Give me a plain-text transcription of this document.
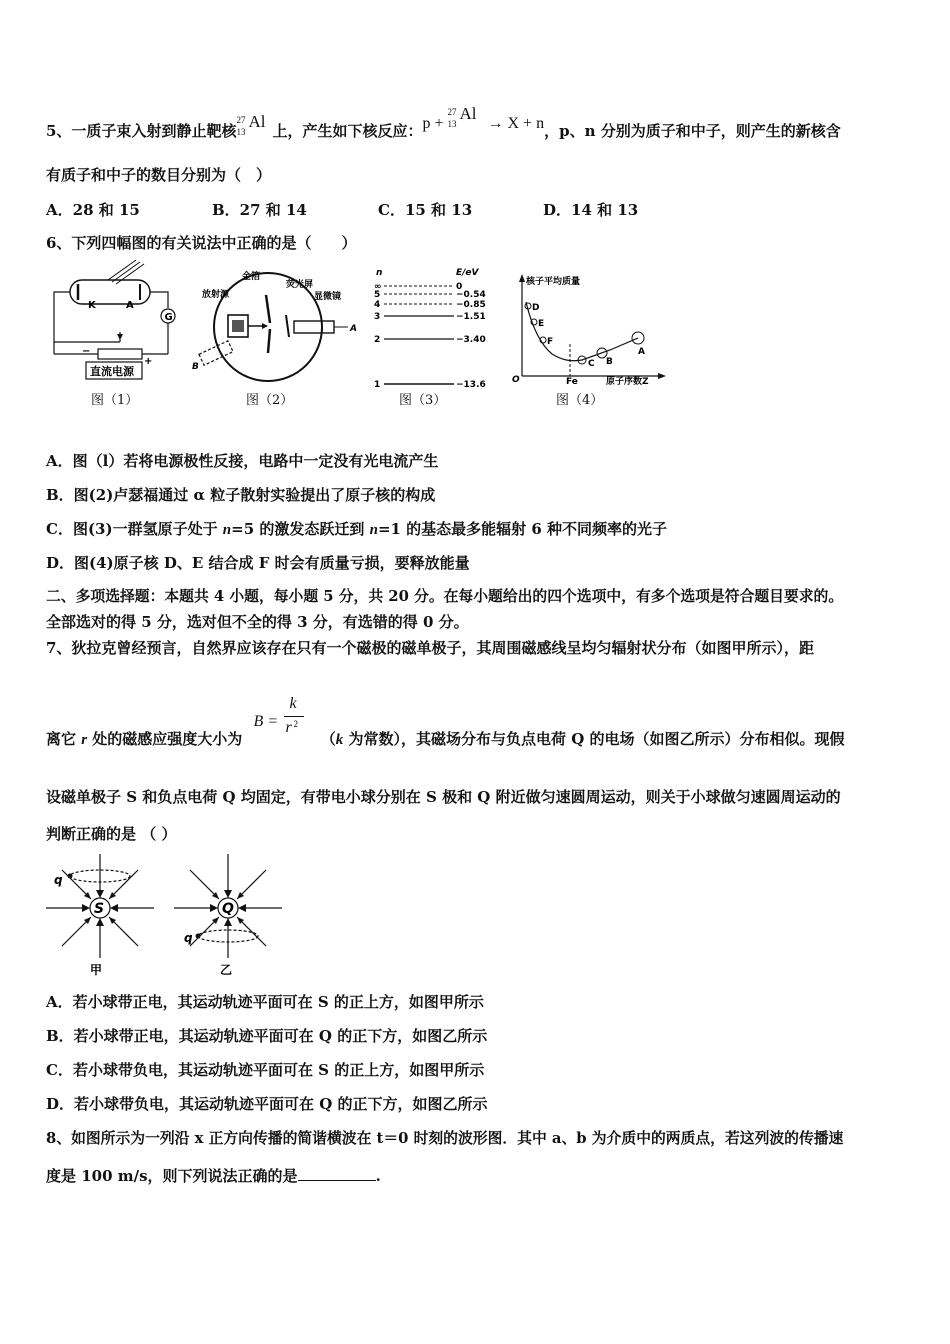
5、一质子束入射到静止靶核
27
13
Al 上，产生如下核反应：p +
27
13
Al
→ X + n，p、n 分别为质子和中子，则产生的新核含
有质子和中子的数目分别为（　）
A．28 和 15	B．27 和 14	C．15 和 13	D．14 和 13
6、下列四幅图的有关说法中正确的是（　　）
K	A
G
−
+
直流电源
图（1）
金箔
放射源
荧光屏
显微镜
A
B
图（2）
n	E/eV
∞	0
5	−0.54
4	−0.85
3	−1.51
2	−3.40
1	−13.6
图（3）
核子平均质量
原子序数Z
O	Fe
D
E
F
C B
A
图（4）
A．图（l）若将电源极性反接，电路中一定没有光电流产生
B．图(2)卢瑟福通过 α 粒子散射实验提出了原子核的构成
C．图(3)一群氢原子处于 n=5 的激发态跃迁到 n=1 的基态最多能辐射 6 种不同频率的光子
D．图(4)原子核 D、E 结合成 F 时会有质量亏损，要释放能量
二、多项选择题：本题共 4 小题，每小题 5 分，共 20 分。在每小题给出的四个选项中，有多个选项是符合题目要求的。
全部选对的得 5 分，选对但不全的得 3 分，有选错的得 0 分。
7、狄拉克曾经预言，自然界应该存在只有一个磁极的磁单极子，其周围磁感线呈均匀辐射状分布（如图甲所示），距
离它 r 处的磁感应强度大小为
B =
k
r 2
（k 为常数），其磁场分布与负点电荷 Q 的电场（如图乙所示）分布相似。现假
设磁单极子 S 和负点电荷 Q 均固定，有带电小球分别在 S 极和 Q 附近做匀速圆周运动，则关于小球做匀速圆周运动的
判断正确的是 （ ）
S
q
甲
Q
q
乙
A．若小球带正电，其运动轨迹平面可在 S 的正上方，如图甲所示
B．若小球带正电，其运动轨迹平面可在 Q 的正下方，如图乙所示
C．若小球带负电，其运动轨迹平面可在 S 的正上方，如图甲所示
D．若小球带负电，其运动轨迹平面可在 Q 的正下方，如图乙所示
8、如图所示为一列沿 x 正方向传播的简谐横波在 t＝0 时刻的波形图．其中 a、b 为介质中的两质点，若这列波的传播速
度是 100 m/s，则下列说法正确的是	.
